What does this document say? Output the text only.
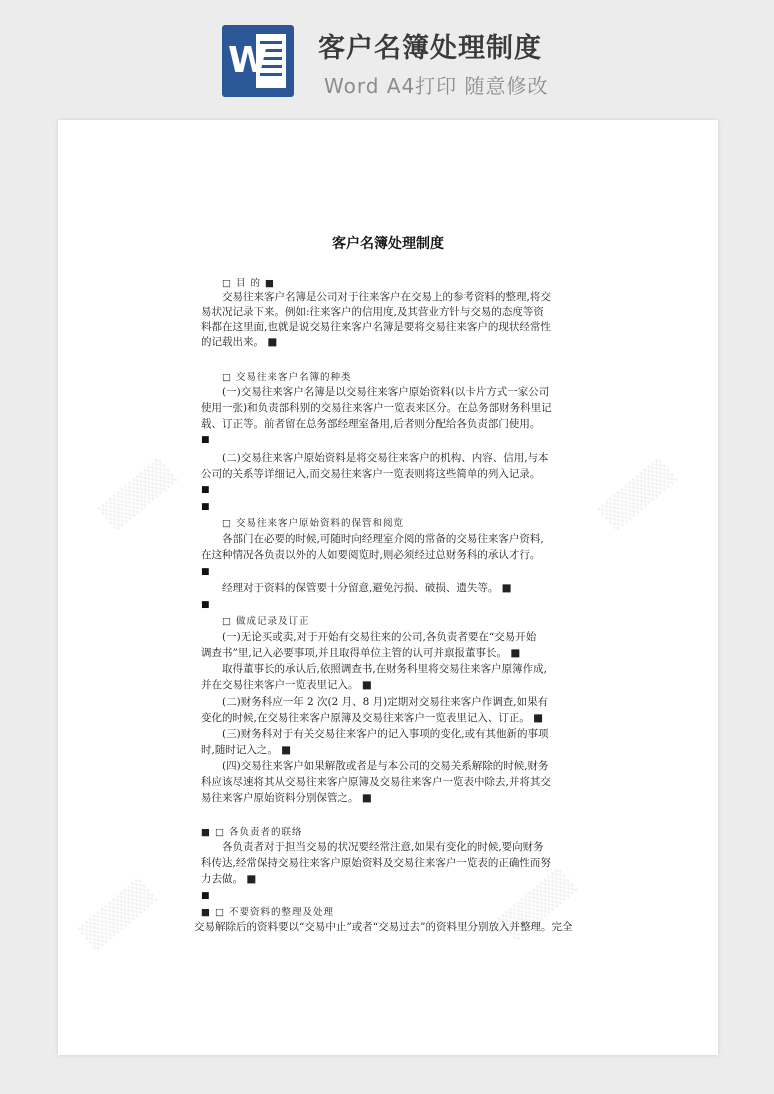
W 客户名簿处理制度
Word A4打印 随意修改
▒▒▒▒	▒▒▒▒
▒▒▒▒	▒▒▒▒
客户名簿处理制度
□ 目 的 ■
交易往来客户名簿是公司对于往来客户在交易上的参考资料的整理,将交
易状况记录下来。例如:往来客户的信用度,及其营业方针与交易的态度等资
料都在这里面,也就是说交易往来客户名簿是要将交易往来客户的现状经常性
的记载出来。 ■
□ 交易往来客户名簿的种类
(一)交易往来客户名簿是以交易往来客户原始资料(以卡片方式一家公司
使用一张)和负责部科别的交易往来客户一览表来区分。在总务部财务科里记
载、订正等。前者留在总务部经理室备用,后者则分配给各负责部门使用。
■
(二)交易往来客户原始资料是将交易往来客户的机构、内容、信用,与本
公司的关系等详细记入,而交易往来客户一览表则将这些简单的列入记录。
■
■
□ 交易往来客户原始资料的保管和阅览
各部门在必要的时候,可随时向经理室介阅的常备的交易往来客户资料,
在这种情况各负责以外的人如要阅览时,则必须经过总财务科的承认才行。
■
经理对于资料的保管要十分留意,避免污损、破损、遗失等。 ■
■
□ 做成记录及订正
(一)无论买或卖,对于开始有交易往来的公司,各负责者要在“交易开始
调查书”里,记入必要事项,并且取得单位主管的认可并禀报董事长。 ■
取得董事长的承认后,依照调查书,在财务科里将交易往来客户原簿作成,
并在交易往来客户一览表里记入。 ■
(二)财务科应一年 2 次(2 月、8 月)定期对交易往来客户作调查,如果有
变化的时候,在交易往来客户原簿及交易往来客户一览表里记入、订正。 ■
(三)财务科对于有关交易往来客户的记入事项的变化,或有其他新的事项
时,随时记入之。 ■
(四)交易往来客户如果解散或者是与本公司的交易关系解除的时候,财务
科应该尽速将其从交易往来客户原簿及交易往来客户一览表中除去,并将其交
易往来客户原始资料分别保管之。 ■
■ □ 各负责者的联络
各负责者对于担当交易的状况要经常注意,如果有变化的时候,要向财务
科传达,经常保持交易往来客户原始资料及交易往来客户一览表的正确性而努
力去做。 ■
■
■ □ 不要资料的整理及处理
交易解除后的资料要以“交易中止”或者“交易过去”的资料里分别放入并整理。完全
